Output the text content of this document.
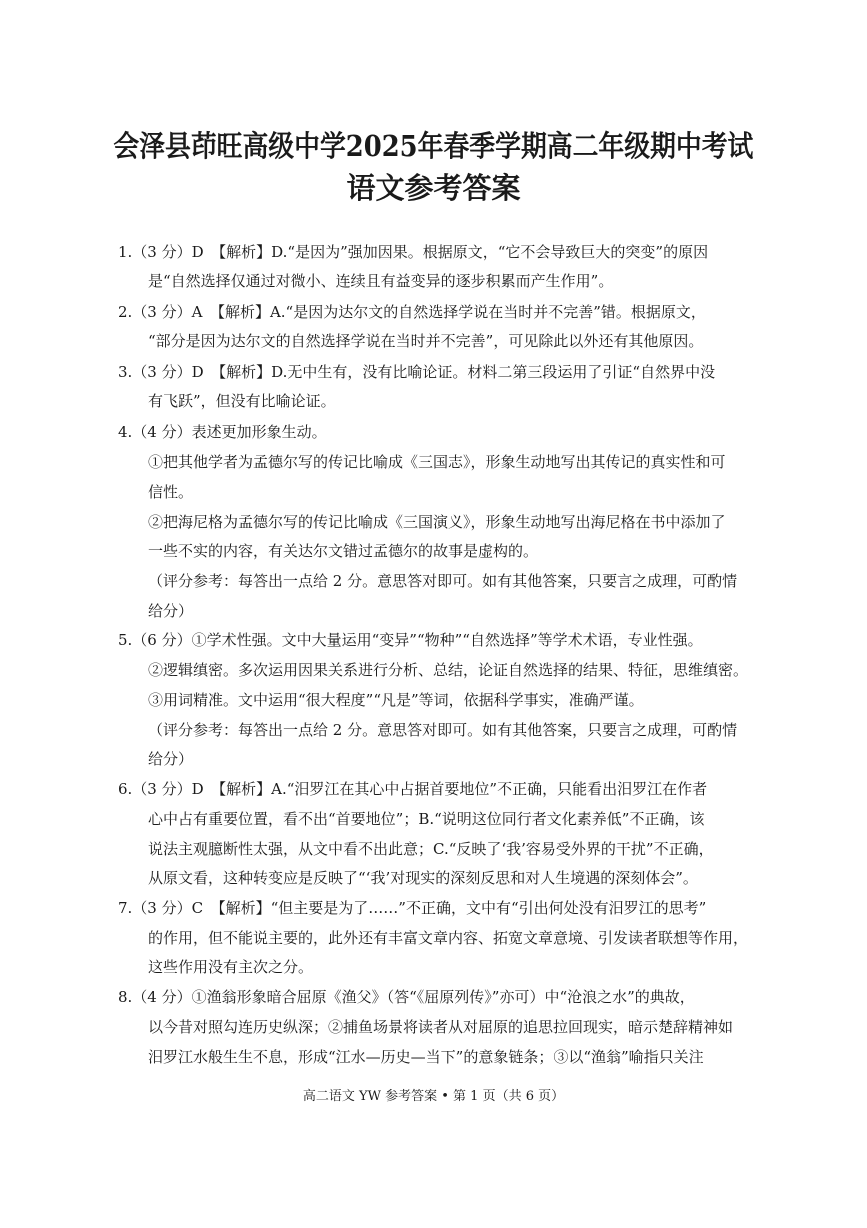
会泽县茚旺高级中学2025年春季学期高二年级期中考试
语文参考答案
1.（3 分）D　【解析】D.“是因为”强加因果。根据原文，“它不会导致巨大的突变”的原因
是“自然选择仅通过对微小、连续且有益变异的逐步积累而产生作用”。
2.（3 分）A　【解析】A.“是因为达尔文的自然选择学说在当时并不完善”错。根据原文，
“部分是因为达尔文的自然选择学说在当时并不完善”，可见除此以外还有其他原因。
3.（3 分）D　【解析】D.无中生有，没有比喻论证。材料二第三段运用了引证“自然界中没
有飞跃”，但没有比喻论证。
4.（4 分）表述更加形象生动。
①把其他学者为孟德尔写的传记比喻成《三国志》，形象生动地写出其传记的真实性和可
信性。
②把海尼格为孟德尔写的传记比喻成《三国演义》，形象生动地写出海尼格在书中添加了
一些不实的内容，有关达尔文错过孟德尔的故事是虚构的。
（评分参考：每答出一点给 2 分。意思答对即可。如有其他答案，只要言之成理，可酌情
给分）
5.（6 分）①学术性强。文中大量运用“变异”“物种”“自然选择”等学术术语，专业性强。
②逻辑缜密。多次运用因果关系进行分析、总结，论证自然选择的结果、特征，思维缜密。
③用词精准。文中运用“很大程度”“凡是”等词，依据科学事实，准确严谨。
（评分参考：每答出一点给 2 分。意思答对即可。如有其他答案，只要言之成理，可酌情
给分）
6.（3 分）D　【解析】A.“汨罗江在其心中占据首要地位”不正确，只能看出汨罗江在作者
心中占有重要位置，看不出“首要地位”；B.“说明这位同行者文化素养低”不正确，该
说法主观臆断性太强，从文中看不出此意；C.“反映了‘我’容易受外界的干扰”不正确，
从原文看，这种转变应是反映了“‘我’对现实的深刻反思和对人生境遇的深刻体会”。
7.（3 分）C　【解析】“但主要是为了……”不正确，文中有“引出何处没有汨罗江的思考”
的作用，但不能说主要的，此外还有丰富文章内容、拓宽文章意境、引发读者联想等作用，
这些作用没有主次之分。
8.（4 分）①渔翁形象暗合屈原《渔父》（答“《屈原列传》”亦可）中“沧浪之水”的典故，
以今昔对照勾连历史纵深；②捕鱼场景将读者从对屈原的追思拉回现实，暗示楚辞精神如
汨罗江水般生生不息，形成“江水—历史—当下”的意象链条；③以“渔翁”喻指只关注
高二语文 YW 参考答案 • 第 1 页（共 6 页）
